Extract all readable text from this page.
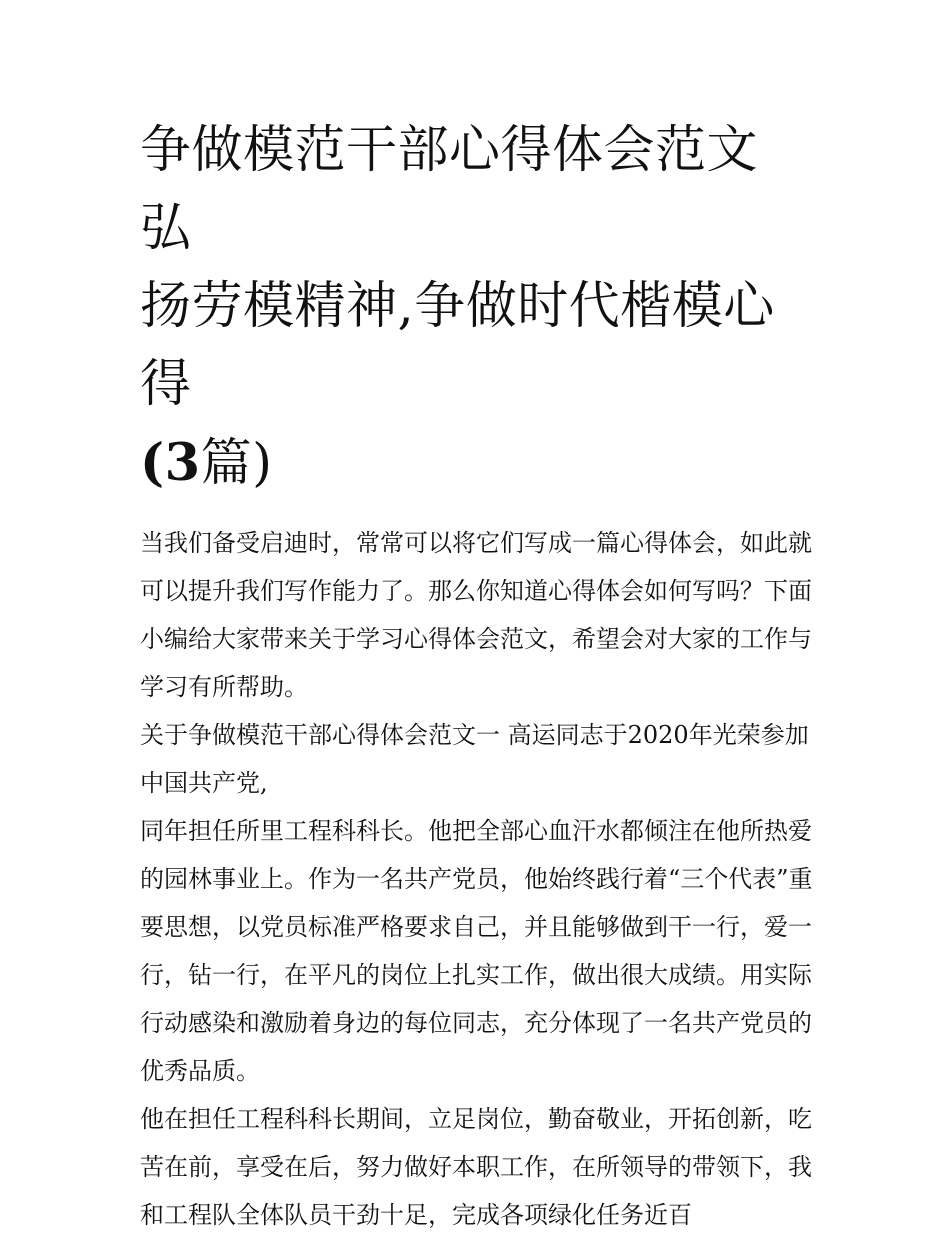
争做模范干部心得体会范文 弘
扬劳模精神,争做时代楷模心得
(3篇)

当我们备受启迪时，常常可以将它们写成一篇心得体会，如此就可以提升我们写作能力了。那么你知道心得体会如何写吗？下面小编给大家带来关于学习心得体会范文，希望会对大家的工作与学习有所帮助。

关于争做模范干部心得体会范文一 高运同志于2020年光荣参加中国共产党,

同年担任所里工程科科长。他把全部心血汗水都倾注在他所热爱的园林事业上。作为一名共产党员，他始终践行着“三个代表”重要思想，以党员标准严格要求自己，并且能够做到干一行，爱一行，钻一行，在平凡的岗位上扎实工作，做出很大成绩。用实际行动感染和激励着身边的每位同志，充分体现了一名共产党员的优秀品质。

他在担任工程科科长期间，立足岗位，勤奋敬业，开拓创新，吃苦在前，享受在后，努力做好本职工作，在所领导的带领下，我和工程队全体队员干劲十足，完成各项绿化任务近百
